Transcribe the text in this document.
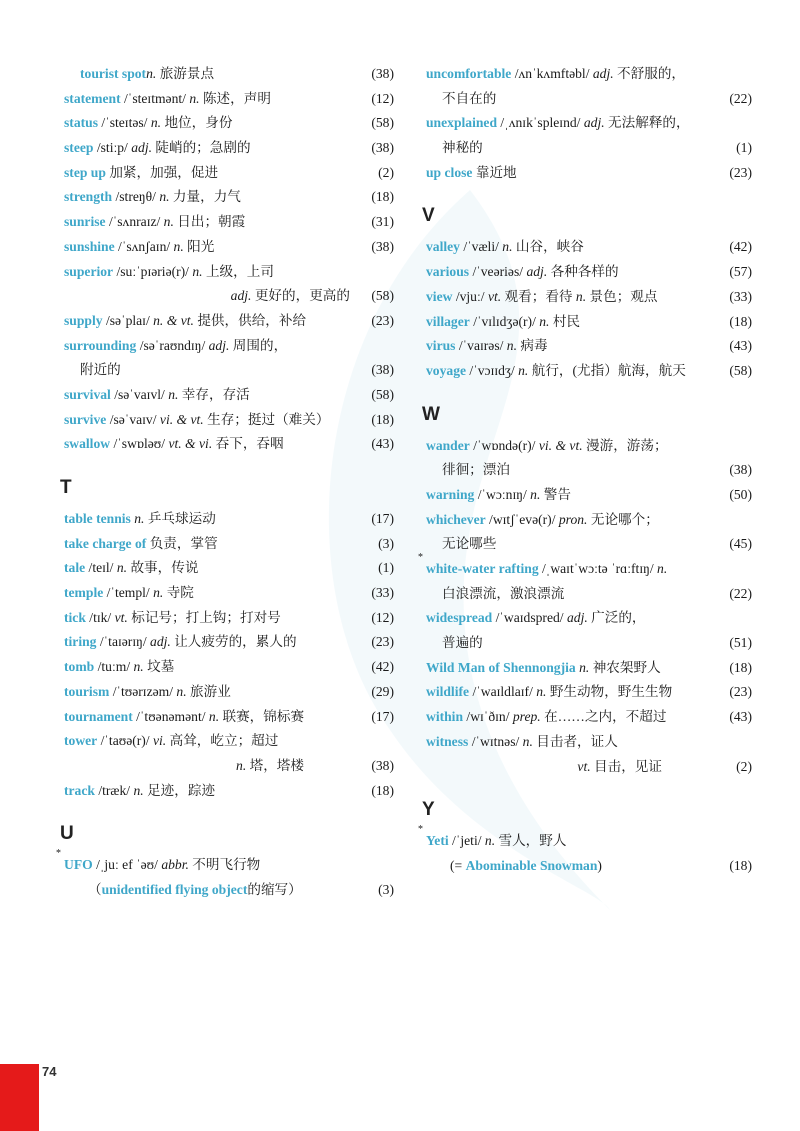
tourist spotn. 旅游景点	(38)
statement /ˈsteɪtmənt/ n. 陈述，声明	(12)
status /ˈsteɪtəs/ n. 地位，身份	(58)
steep /stiːp/ adj. 陡峭的；急剧的	(38)
step up 加紧，加强，促进	(2)
strength /streŋθ/ n. 力量，力气	(18)
sunrise /ˈsʌnraɪz/ n. 日出；朝霞	(31)
sunshine /ˈsʌnʃaɪn/ n. 阳光	(38)
superior /suːˈpɪəriə(r)/ n. 上级，上司
adj. 更好的，更高的 (58)
supply /səˈplaɪ/ n. & vt. 提供，供给，补给	(23)
surrounding /səˈraʊndɪŋ/ adj. 周围的，
附近的	(38)
survival /səˈvaɪvl/ n. 幸存，存活	(58)
survive /səˈvaɪv/ vi. & vt. 生存；挺过（难关）	(18)
swallow /ˈswɒləʊ/ vt. & vi. 吞下，吞咽	(43)
T
table tennis n. 乒乓球运动	(17)
take charge of 负责，掌管	(3)
tale /teɪl/ n. 故事，传说	(1)
temple /ˈtempl/ n. 寺院	(33)
tick /tɪk/ vt. 标记号；打上钩；打对号	(12)
tiring /ˈtaɪərɪŋ/ adj. 让人疲劳的，累人的	(23)
tomb /tuːm/ n. 坟墓	(42)
tourism /ˈtʊərɪzəm/ n. 旅游业	(29)
tournament /ˈtʊənəmənt/ n. 联赛，锦标赛	(17)
tower /ˈtaʊə(r)/ vi. 高耸，屹立；超过
n. 塔，塔楼	(38)
track /træk/ n. 足迹，踪迹	(18)
U
*
UFO /ˌjuː ef ˈəʊ/ abbr. 不明飞行物
（unidentified flying object的缩写）	(3)
uncomfortable /ʌnˈkʌmftəbl/ adj. 不舒服的，
不自在的	(22)
unexplained /ˌʌnɪkˈspleɪnd/ adj. 无法解释的，
神秘的	(1)
up close 靠近地	(23)
V
valley /ˈvæli/ n. 山谷，峡谷	(42)
various /ˈveəriəs/ adj. 各种各样的	(57)
view /vjuː/ vt. 观看；看待 n. 景色；观点	(33)
villager /ˈvɪlɪdʒə(r)/ n. 村民	(18)
virus /ˈvaɪrəs/ n. 病毒	(43)
voyage /ˈvɔɪɪdʒ/ n. 航行，(尤指）航海，航天	(58)
W
wander /ˈwɒndə(r)/ vi. & vt. 漫游，游荡；
徘徊；漂泊	(38)
warning /ˈwɔːnɪŋ/ n. 警告	(50)
whichever /wɪtʃˈevə(r)/ pron. 无论哪个；
无论哪些	(45)
*
white-water rafting /ˌwaɪtˈwɔːtə ˈrɑːftɪŋ/ n.
白浪漂流，激浪漂流	(22)
widespread /ˈwaɪdspred/ adj. 广泛的，
普遍的	(51)
Wild Man of Shennongjia n. 神农架野人	(18)
wildlife /ˈwaɪldlaɪf/ n. 野生动物，野生生物	(23)
within /wɪˈðɪn/ prep. 在……之内，不超过	(43)
witness /ˈwɪtnəs/ n. 目击者，证人
vt. 目击，见证	(2)
Y
*
Yeti /ˈjeti/ n. 雪人，野人
(= Abominable Snowman)	(18)
74
